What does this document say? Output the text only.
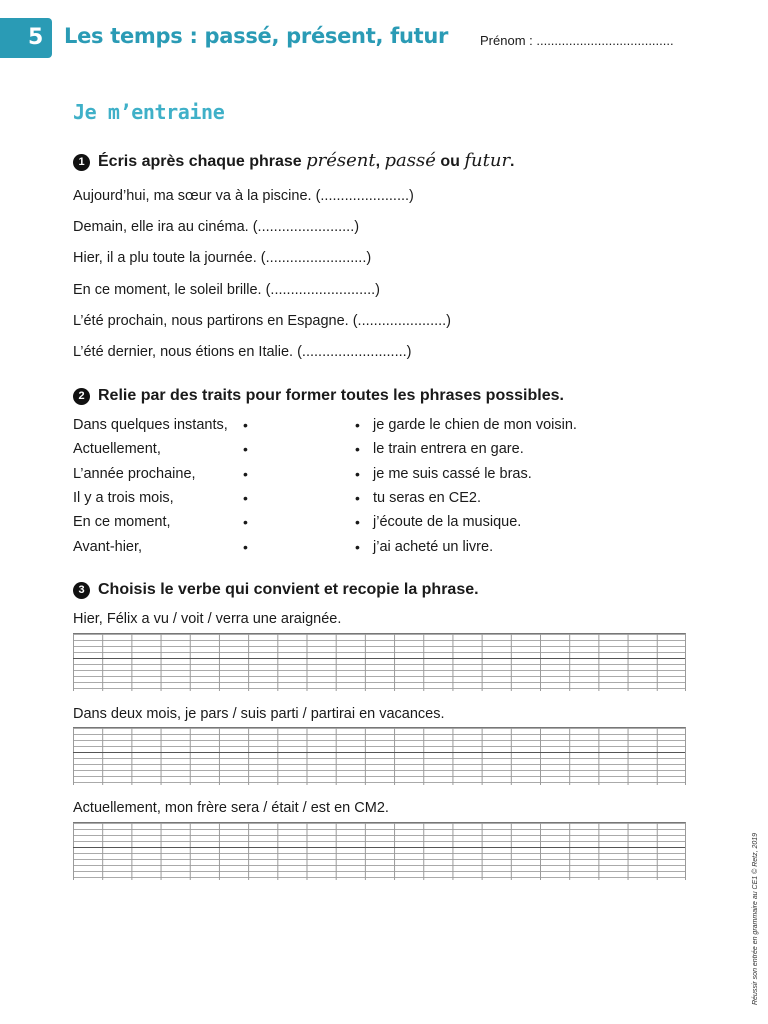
5 Les temps : passé, présent, futur Prénom : ......................................
Je m’entraine
1 Écris après chaque phrase présent, passé ou futur.
Aujourd’hui, ma sœur va à la piscine. (......................)
Demain, elle ira au cinéma. (........................)
Hier, il a plu toute la journée. (.........................)
En ce moment, le soleil brille. (..........................)
L’été prochain, nous partirons en Espagne. (......................)
L’été dernier, nous étions en Italie. (..........................)
2 Relie par des traits pour former toutes les phrases possibles.
Dans quelques instants,
Actuellement,
L’année prochaine,
Il y a trois mois,
En ce moment,
Avant-hier,
•
•
•
•
•
•
•
•
•
•
•
•
je garde le chien de mon voisin.
le train entrera en gare.
je me suis cassé le bras.
tu seras en CE2.
j’écoute de la musique.
j’ai acheté un livre.
3 Choisis le verbe qui convient et recopie la phrase.
Hier, Félix a vu / voit / verra une araignée.
Dans deux mois, je pars / suis parti / partirai en vacances.
Actuellement, mon frère sera / était / est en CM2.
Réussir son entrée en grammaire au CE1 © Retz, 2019
